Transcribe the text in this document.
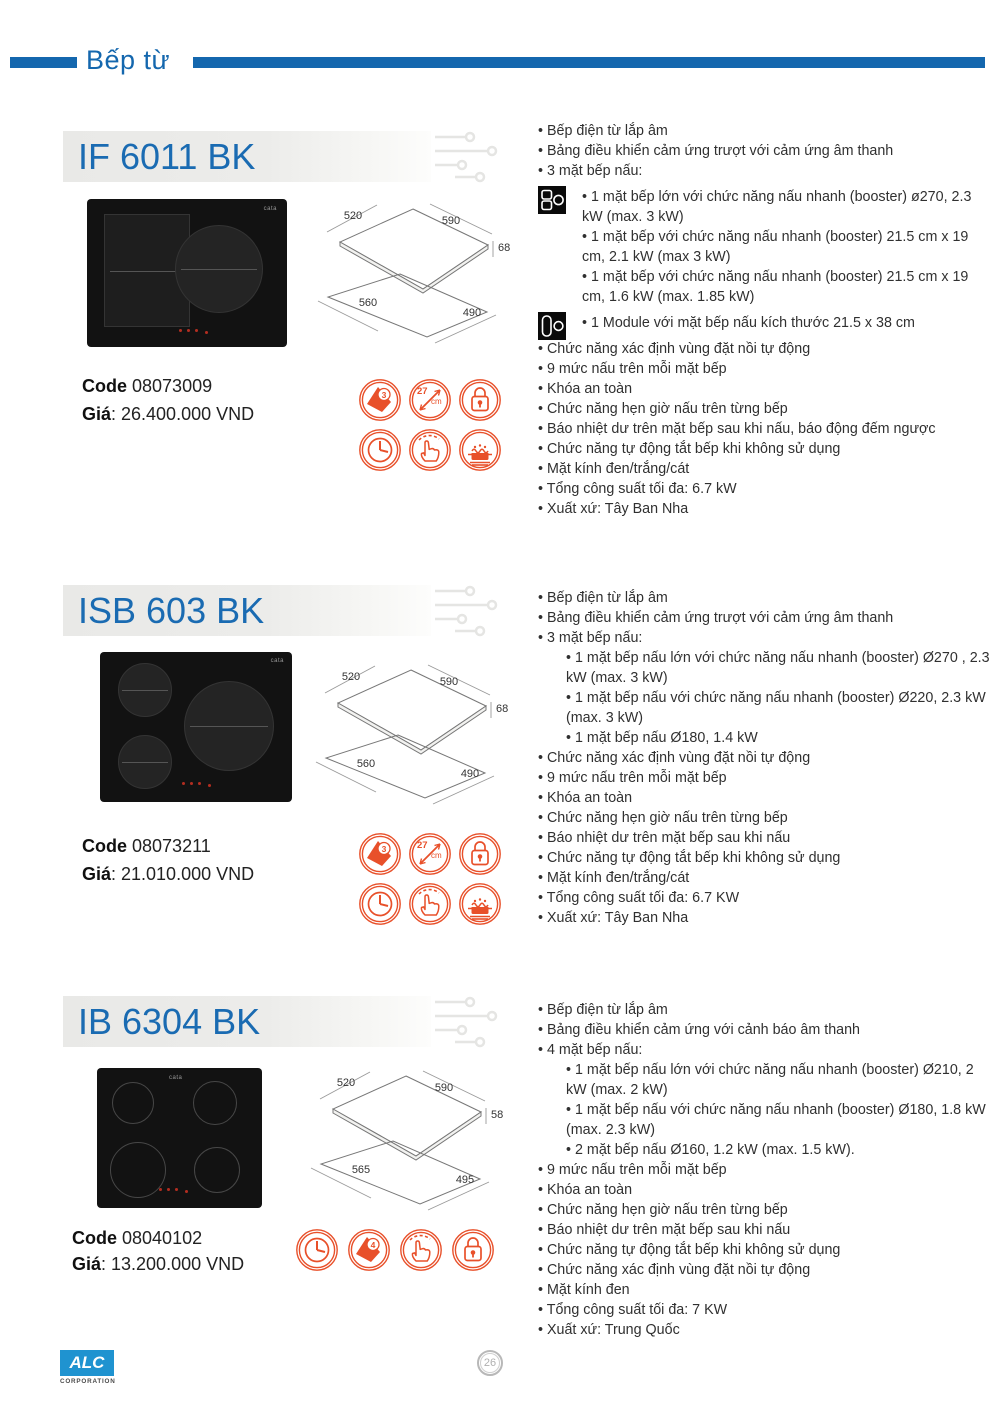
Bếp từ
IF 6011 BK
cata
520	590
68
560
490
Code 08073009
Giá: 26.400.000 VND
3	27
cm
• Bếp điện từ lắp âm
• Bảng điều khiển cảm ứng trượt với cảm ứng âm thanh
• 3 mặt bếp nấu:
• 1 mặt bếp lớn với chức năng nấu nhanh (booster) ø270, 2.3 kW (max. 3 kW)
• 1 mặt bếp với chức năng nấu nhanh (booster) 21.5 cm x 19 cm, 2.1 kW (max 3 kW)
• 1 mặt bếp với chức năng nấu nhanh (booster) 21.5 cm x 19 cm, 1.6 kW (max. 1.85 kW)
• 1 Module với mặt bếp nấu kích thước 21.5 x 38 cm
• Chức năng xác định vùng đặt nồi tự động
• 9 mức nấu trên mỗi mặt bếp
• Khóa an toàn
• Chức năng hẹn giờ nấu trên từng bếp
• Báo nhiệt dư trên mặt bếp sau khi nấu, báo động đếm ngược
• Chức năng tự động tắt bếp khi không sử dụng
• Mặt kính đen/trắng/cát
• Tổng công suất tối đa: 6.7 kW
• Xuất xứ: Tây Ban Nha
ISB 603 BK
cata
520	590
68
560
490
Code 08073211
Giá: 21.010.000 VND
3	27
cm
• Bếp điện từ lắp âm
• Bảng điều khiển cảm ứng trượt với cảm ứng âm thanh
• 3 mặt bếp nấu:
• 1 mặt bếp nấu lớn với chức năng nấu nhanh (booster) Ø270 , 2.3 kW (max. 3 kW)
• 1 mặt bếp nấu với chức năng nấu nhanh (booster) Ø220, 2.3 kW (max. 3 kW)
• 1 mặt bếp nấu Ø180, 1.4 kW
• Chức năng xác định vùng đặt nồi tự động
• 9 mức nấu trên mỗi mặt bếp
• Khóa an toàn
• Chức năng hẹn giờ nấu trên từng bếp
• Báo nhiệt dư trên mặt bếp sau khi nấu
• Chức năng tự động tắt bếp khi không sử dụng
• Mặt kính đen/trắng/cát
• Tổng công suất tối đa: 6.7 KW
• Xuất xứ: Tây Ban Nha
IB 6304 BK
cata	520	590
58
565
495
Code 08040102
Giá: 13.200.000 VND
4
• Bếp điện từ lắp âm
• Bảng điều khiển cảm ứng với cảnh báo âm thanh
• 4 mặt bếp nấu:
• 1 mặt bếp nấu lớn với chức năng nấu nhanh (booster) Ø210, 2 kW (max. 2 kW)
• 1 mặt bếp nấu với chức năng nấu nhanh (booster) Ø180, 1.8 kW (max. 2.3 kW)
• 2 mặt bếp nấu Ø160, 1.2 kW (max. 1.5 kW).
• 9 mức nấu trên mỗi mặt bếp
• Khóa an toàn
• Chức năng hẹn giờ nấu trên từng bếp
• Báo nhiệt dư trên mặt bếp sau khi nấu
• Chức năng tự động tắt bếp khi không sử dụng
• Chức năng xác định vùng đặt nồi tự động
• Mặt kính đen
• Tổng công suất tối đa: 7 KW
• Xuất xứ: Trung Quốc
ALC
CORPORATION
26
